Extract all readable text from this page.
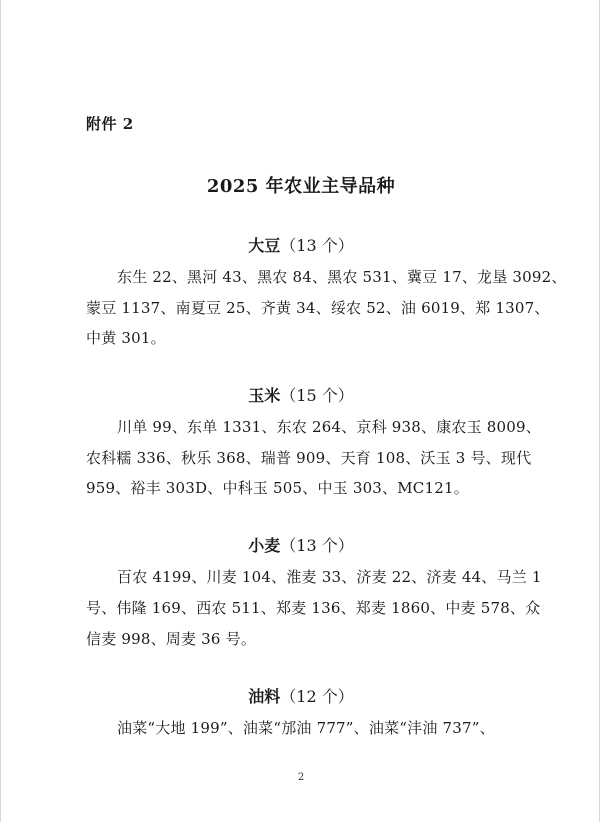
附件 2
2025 年农业主导品种
大豆（13 个）
东生 22、黑河 43、黑农 84、黑农 531、冀豆 17、龙垦 3092、
蒙豆 1137、南夏豆 25、齐黄 34、绥农 52、油 6019、郑 1307、
中黄 301。
玉米（15 个）
川单 99、东单 1331、东农 264、京科 938、康农玉 8009、
农科糯 336、秋乐 368、瑞普 909、天育 108、沃玉 3 号、现代
959、裕丰 303D、中科玉 505、中玉 303、MC121。
小麦（13 个）
百农 4199、川麦 104、淮麦 33、济麦 22、济麦 44、马兰 1
号、伟隆 169、西农 511、郑麦 136、郑麦 1860、中麦 578、众
信麦 998、周麦 36 号。
油料（12 个）
油菜“大地 199”、油菜“邡油 777”、油菜“沣油 737”、
2
